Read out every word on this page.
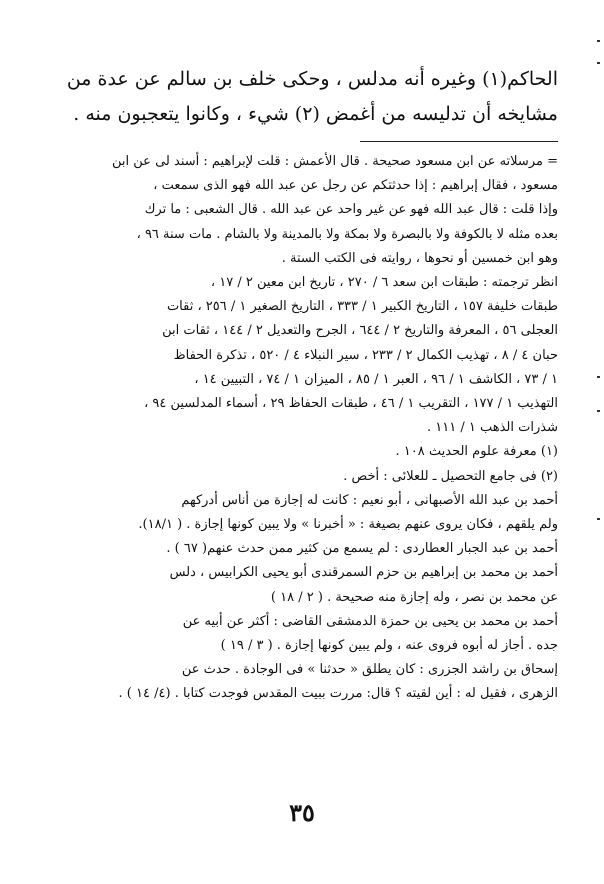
الحاكم(١) وغيره أنه مدلس ، وحكى خلف بن سالم عن عدة من

مشايخه أن تدليسه من أغمض (٢) شيء ، وكانوا يتعجبون منه .

= مرسلاته عن ابن مسعود صحيحة . قال الأعمش : قلت لإبراهيم : أسند لى عن ابن

مسعود ، فقال إبراهيم : إذا حدثتكم عن رجل عن عبد الله فهو الذى سمعت ،

وإذا قلت : قال عبد الله فهو عن غير واحد عن عبد الله . قال الشعبى : ما ترك

بعده مثله لا بالكوفة ولا بالبصرة ولا بمكة ولا بالمدينة ولا بالشام . مات سنة ٩٦ ،

وهو ابن خمسين أو نحوها ، روايته فى الكتب الستة .

انظر ترجمته : طبقات ابن سعد ٦ / ٢٧٠ ، تاريخ ابن معين ٢ / ١٧ ،

طبقات خليفة ١٥٧ ، التاريخ الكبير ١ / ٣٣٣ ، التاريخ الصغير ١ / ٢٥٦ ، ثقات

العجلى ٥٦ ، المعرفة والتاريخ ٢ / ٦٤٤ ، الجرح والتعديل ٢ / ١٤٤ ، ثقات ابن

حبان ٤ / ٨ ، تهذيب الكمال ٢ / ٢٣٣ ، سير النبلاء ٤ / ٥٢٠ ، تذكرة الحفاظ

١ / ٧٣ ، الكاشف ١ / ٩٦ ، العبر ١ / ٨٥ ، الميزان ١ / ٧٤ ، التبيين ١٤ ،

التهذيب ١ / ١٧٧ ، التقريب ١ / ٤٦ ، طبقات الحفاظ ٢٩ ، أسماء المدلسين ٩٤ ،

شذرات الذهب ١ / ١١١ .

(١) معرفة علوم الحديث ١٠٨ .

(٢) فى جامع التحصيل ـ للعلائى : أخص .

أحمد بن عبد الله الأصبهانى ، أبو نعيم : كانت له إجازة من أناس أدركهم

ولم يلقهم ، فكان يروى عنهم بصيغة : « أخبرنا » ولا يبين كونها إجازة . ( ١٨/١).

أحمد بن عبد الجبار العطاردى : لم يسمع من كثير ممن حدث عنهم( ٦٧ ) .

أحمد بن محمد بن إبراهيم بن حزم السمرقندى أبو يحيى الكرابيس ، دلس

عن محمد بن نصر ، وله إجازة منه صحيحة . ( ٢ / ١٨ )

أحمد بن محمد بن يحيى بن حمزة الدمشقى القاضى : أكثر عن أبيه عن

جده . أجاز له أبوه فروى عنه ، ولم يبين كونها إجازة . ( ٣ / ١٩ )

إسحاق بن راشد الجزرى : كان يطلق « حدثنا » فى الوجادة . حدث عن

الزهرى ، فقيل له : أين لقيته ؟ قال: مررت ببيت المقدس فوجدت كتابا . (٤/ ١٤ ) .

٣٥
